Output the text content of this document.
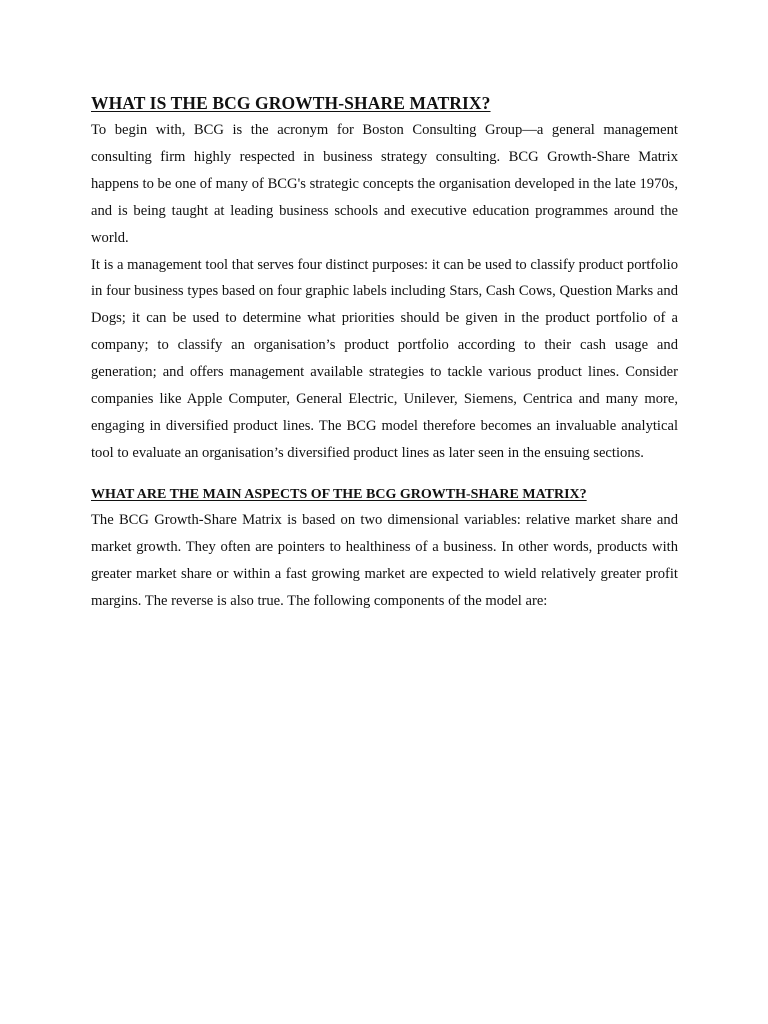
WHAT IS THE BCG GROWTH-SHARE MATRIX?

To begin with, BCG is the acronym for Boston Consulting Group—a general management consulting firm highly respected in business strategy consulting. BCG Growth-Share Matrix happens to be one of many of BCG's strategic concepts the organisation developed in the late 1970s, and is being taught at leading business schools and executive education programmes around the world.

It is a management tool that serves four distinct purposes: it can be used to classify product portfolio in four business types based on four graphic labels including Stars, Cash Cows, Question Marks and Dogs; it can be used to determine what priorities should be given in the product portfolio of a company; to classify an organisation’s product portfolio according to their cash usage and generation; and offers management available strategies to tackle various product lines. Consider companies like Apple Computer, General Electric, Unilever, Siemens, Centrica and many more, engaging in diversified product lines. The BCG model therefore becomes an invaluable analytical tool to evaluate an organisation’s diversified product lines as later seen in the ensuing sections.

WHAT ARE THE MAIN ASPECTS OF THE BCG GROWTH-SHARE MATRIX?

The BCG Growth-Share Matrix is based on two dimensional variables: relative market share and market growth. They often are pointers to healthiness of a business. In other words, products with greater market share or within a fast growing market are expected to wield relatively greater profit margins. The reverse is also true. The following components of the model are:
